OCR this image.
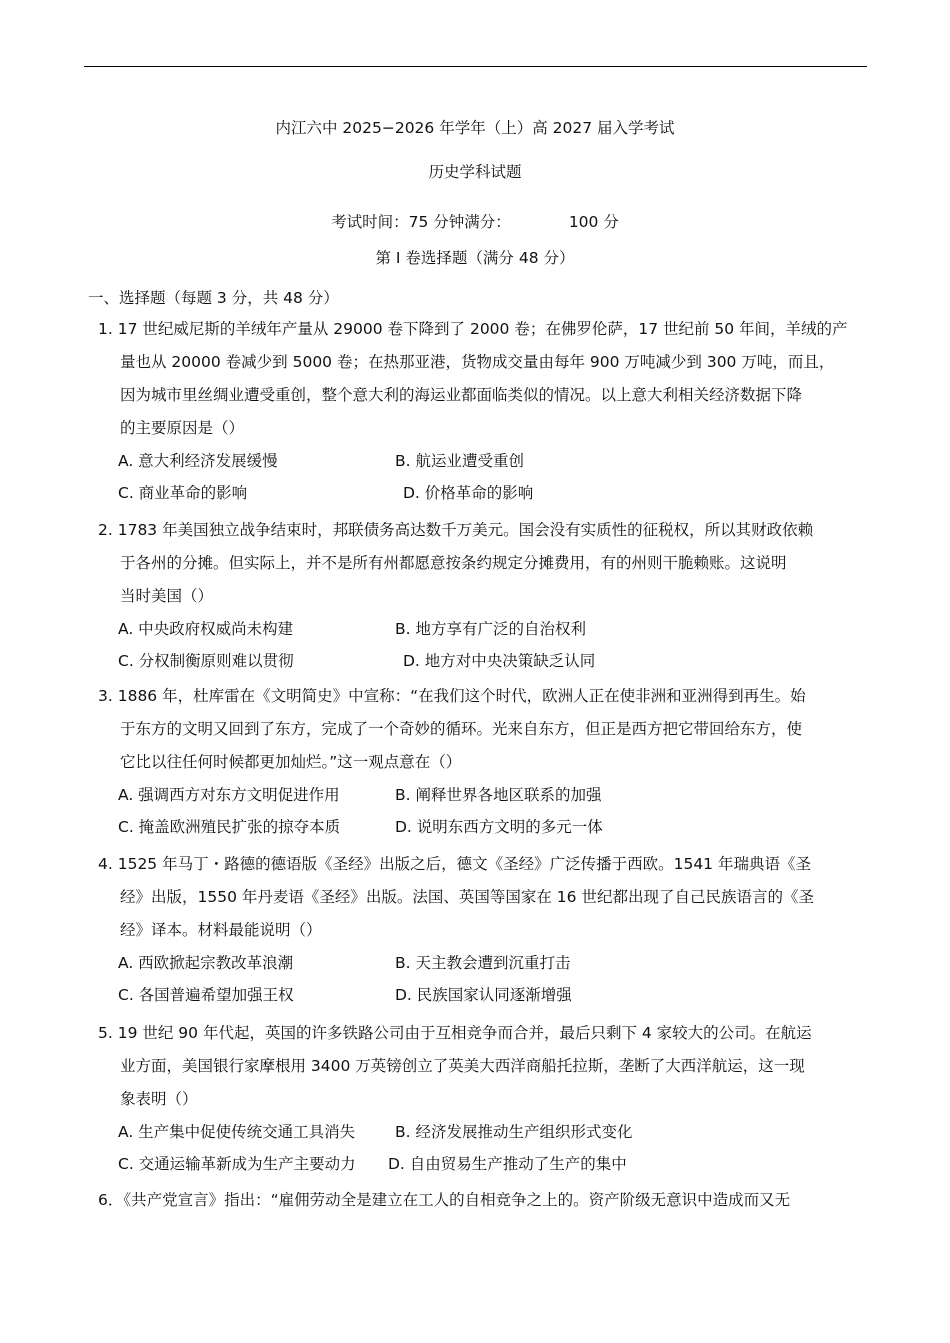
内江六中 2025−2026 年学年（上）高 2027 届入学考试
历史学科试题
考试时间：75 分钟满分：	100 分
第 I 卷选择题（满分 48 分）
一、选择题（每题 3 分，共 48 分）
1. 17 世纪威尼斯的羊绒年产量从 29000 卷下降到了 2000 卷；在佛罗伦萨，17 世纪前 50 年间，羊绒的产
量也从 20000 卷减少到 5000 卷；在热那亚港，货物成交量由每年 900 万吨减少到 300 万吨，而且，
因为城市里丝绸业遭受重创，整个意大利的海运业都面临类似的情况。以上意大利相关经济数据下降
的主要原因是（）
A. 意大利经济发展缓慢	B. 航运业遭受重创
C. 商业革命的影响	D. 价格革命的影响
2. 1783 年美国独立战争结束时，邦联债务高达数千万美元。国会没有实质性的征税权，所以其财政依赖
于各州的分摊。但实际上，并不是所有州都愿意按条约规定分摊费用，有的州则干脆赖账。这说明
当时美国（）
A. 中央政府权威尚未构建	B. 地方享有广泛的自治权利
C. 分权制衡原则难以贯彻	D. 地方对中央决策缺乏认同
3. 1886 年，杜库雷在《文明简史》中宣称：“在我们这个时代，欧洲人正在使非洲和亚洲得到再生。始
于东方的文明又回到了东方，完成了一个奇妙的循环。光来自东方，但正是西方把它带回给东方，使
它比以往任何时候都更加灿烂。”这一观点意在（）
A. 强调西方对东方文明促进作用	B. 阐释世界各地区联系的加强
C. 掩盖欧洲殖民扩张的掠夺本质	D. 说明东西方文明的多元一体
4. 1525 年马丁・路德的德语版《圣经》出版之后，德文《圣经》广泛传播于西欧。1541 年瑞典语《圣
经》出版，1550 年丹麦语《圣经》出版。法国、英国等国家在 16 世纪都出现了自己民族语言的《圣
经》译本。材料最能说明（）
A. 西欧掀起宗教改革浪潮	B. 天主教会遭到沉重打击
C. 各国普遍希望加强王权	D. 民族国家认同逐渐增强
5. 19 世纪 90 年代起，英国的许多铁路公司由于互相竞争而合并，最后只剩下 4 家较大的公司。在航运
业方面，美国银行家摩根用 3400 万英镑创立了英美大西洋商船托拉斯，垄断了大西洋航运，这一现
象表明（）
A. 生产集中促使传统交通工具消失	B. 经济发展推动生产组织形式变化
C. 交通运输革新成为生产主要动力 D. 自由贸易生产推动了生产的集中
6．《共产党宣言》指出：“雇佣劳动全是建立在工人的自相竞争之上的。资产阶级无意识中造成而又无
